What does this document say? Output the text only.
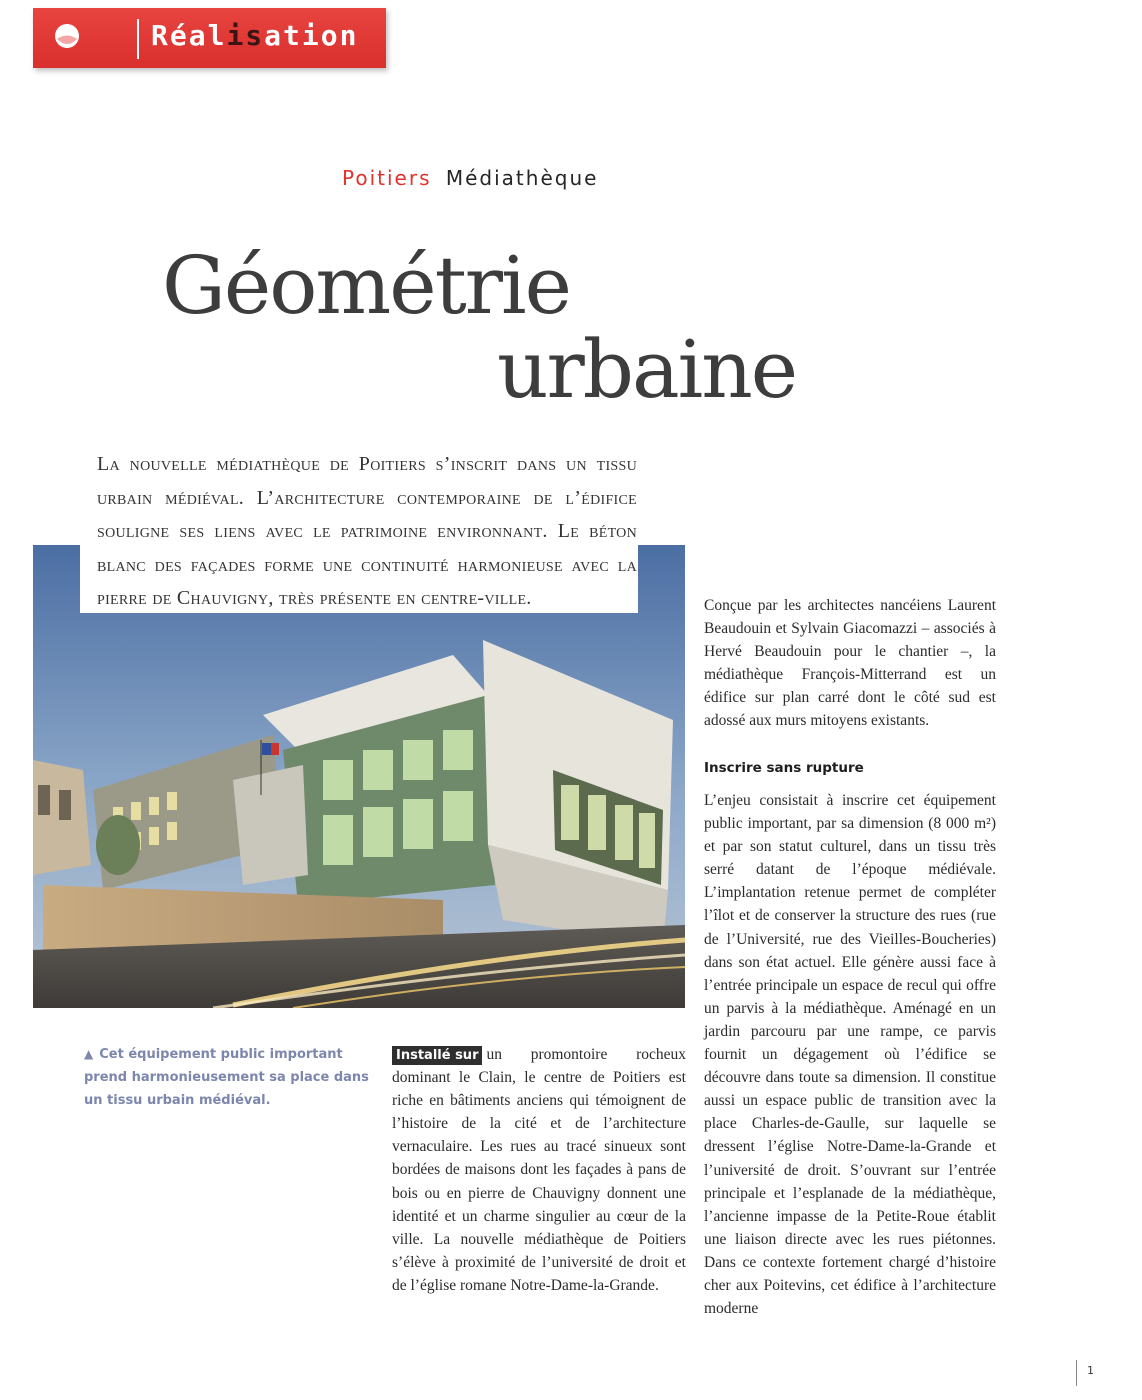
Réalisation
Poitiers Médiathèque
Géométrie
urbaine
La nouvelle médiathèque de Poitiers s’inscrit dans un tissu urbain médiéval. L’architecture contemporaine de l’édifice souligne ses liens avec le patrimoine environnant. Le béton blanc des façades forme une continuité harmonieuse avec la pierre de Chauvigny, très présente en centre-ville.
▲ Cet équipement public important prend harmonieusement sa place dans un tissu urbain médiéval.

Installé sur un promontoire rocheux dominant le Clain, le centre de Poitiers est riche en bâtiments anciens qui témoignent de l’histoire de la cité et de l’architecture vernaculaire. Les rues au tracé sinueux sont bordées de maisons dont les façades à pans de bois ou en pierre de Chauvigny donnent une identité et un charme singulier au cœur de la ville. La nouvelle médiathèque de Poitiers s’élève à proximité de l’université de droit et de l’église romane Notre-Dame-la-Grande.

Conçue par les architectes nancéiens Laurent Beaudouin et Sylvain Giacomazzi – associés à Hervé Beaudouin pour le chantier –, la médiathèque François-Mitterrand est un édifice sur plan carré dont le côté sud est adossé aux murs mitoyens existants.

Inscrire sans rupture

L’enjeu consistait à inscrire cet équipement public important, par sa dimension (8 000 m²) et par son statut culturel, dans un tissu très serré datant de l’époque médiévale. L’implantation retenue permet de compléter l’îlot et de conserver la structure des rues (rue de l’Université, rue des Vieilles-Boucheries) dans son état actuel. Elle génère aussi face à l’entrée principale un espace de recul qui offre un parvis à la médiathèque. Aménagé en un jardin parcouru par une rampe, ce parvis fournit un dégagement où l’édifice se découvre dans toute sa dimension. Il constitue aussi un espace public de transition avec la place Charles-de-Gaulle, sur laquelle se dressent l’église Notre-Dame-la-Grande et l’université de droit. S’ouvrant sur l’entrée principale et l’esplanade de la médiathèque, l’ancienne impasse de la Petite-Roue établit une liaison directe avec les rues piétonnes. Dans ce contexte fortement chargé d’histoire cher aux Poitevins, cet édifice à l’architecture moderne

1
